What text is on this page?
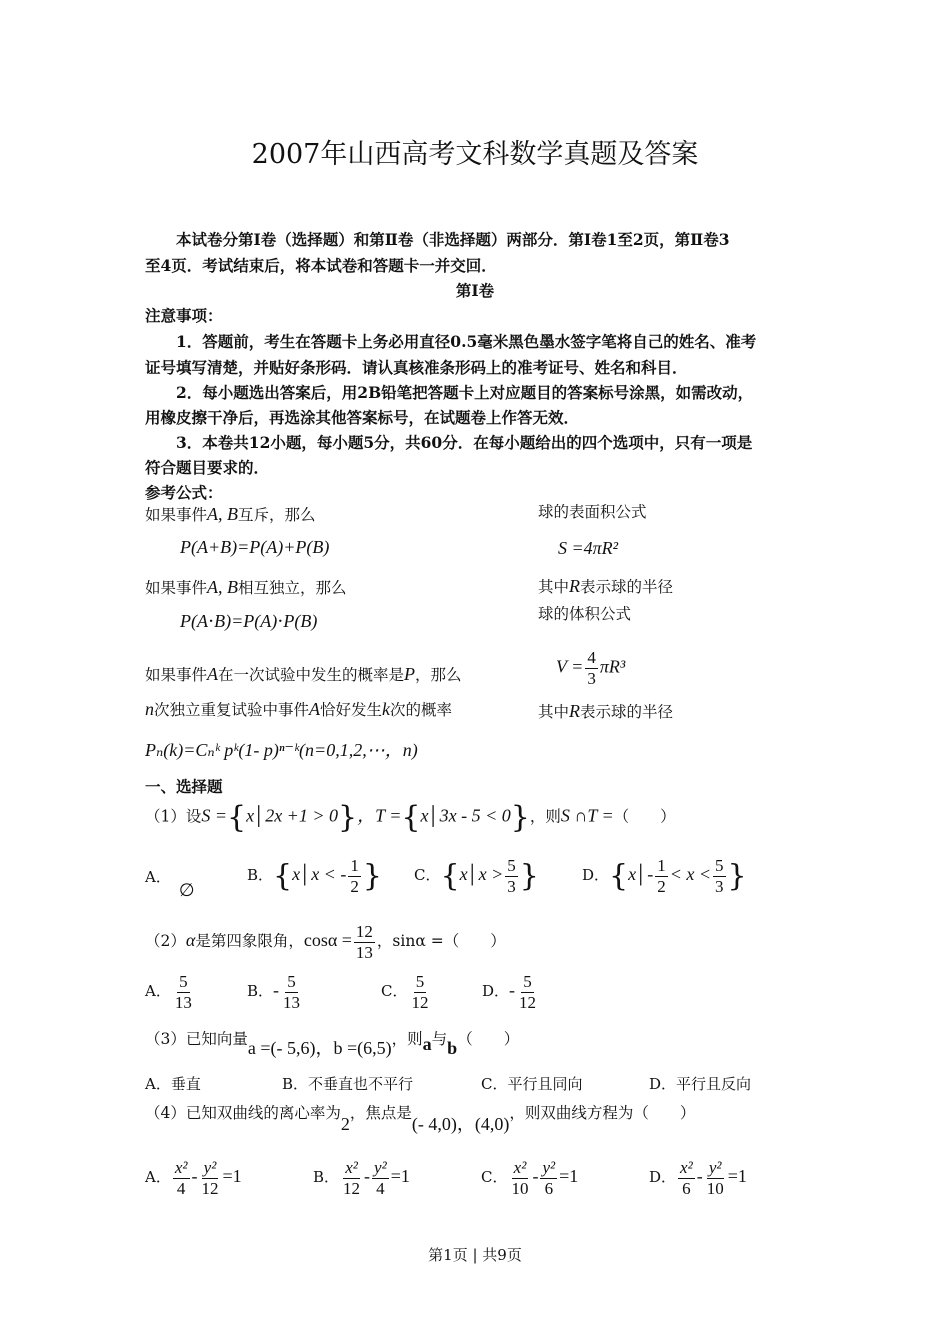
2007年山西高考文科数学真题及答案
本试卷分第Ⅰ卷（选择题）和第Ⅱ卷（非选择题）两部分．第Ⅰ卷1至2页，第Ⅱ卷3
至4页．考试结束后，将本试卷和答题卡一并交回．
第Ⅰ卷
注意事项：
1．答题前，考生在答题卡上务必用直径0.5毫米黑色墨水签字笔将自己的姓名、准考
证号填写清楚，并贴好条形码．请认真核准条形码上的准考证号、姓名和科目．
2．每小题选出答案后，用2B铅笔把答题卡上对应题目的答案标号涂黑，如需改动，
用橡皮擦干净后，再选涂其他答案标号，在试题卷上作答无效．
3．本卷共12小题，每小题5分，共60分．在每小题给出的四个选项中，只有一项是
符合题目要求的．
参考公式：
如果事件A, B互斥，那么
P(A+B)=P(A)+P(B)
如果事件A, B相互独立，那么
P(A⋅B)=P(A)⋅P(B)
如果事件A在一次试验中发生的概率是P，那么
n次独立重复试验中事件A恰好发生k次的概率
Pₙ(k)=Cₙᵏ pᵏ(1- p)ⁿ⁻ᵏ(n=0,1,2,⋯，n)
球的表面积公式
S =4πR²
其中R表示球的半径
球的体积公式
$V = \frac{4}{3} \pi R^3$
其中R表示球的半径
一、选择题
（1）设S ={x│2x +1 > 0}，T ={x│3x - 5 < 0}，则S ∩T =（　　）
A．∅
B．{x│x < - $\frac{1}{2}$ } C．{x│x > $\frac{5}{3}$ }	D．{x│- $\frac{1}{2} < x < \frac{5}{3}$ }
（2）α是第四象限角，$\cos\alpha = \frac{12}{13}$ ，sinα =（　　）
A． $\frac{5}{13}$	B．- $\frac{5}{13}$	C． $\frac{5}{12}$	D．- $\frac{5}{12}$
（3）已知向量a =(- 5,6)，b =(6,5)，则a与b（　　）
A．垂直	B．不垂直也不平行	C．平行且同向	D．平行且反向
（4）已知双曲线的离心率为2，焦点是(- 4,0)，(4,0)，则双曲线方程为（　　）
A． $\frac{\text{x²}}{4} - \frac{\text{y²}}{12} =1$	B． $\frac{\text{x²}}{12} - \frac{\text{y²}}{4} =1$	C． $\frac{\text{x²}}{10} - \frac{\text{y²}}{6} =1$	D． $\frac{\text{x²}}{6} - \frac{\text{y²}}{10} =1$
第1页 | 共9页
